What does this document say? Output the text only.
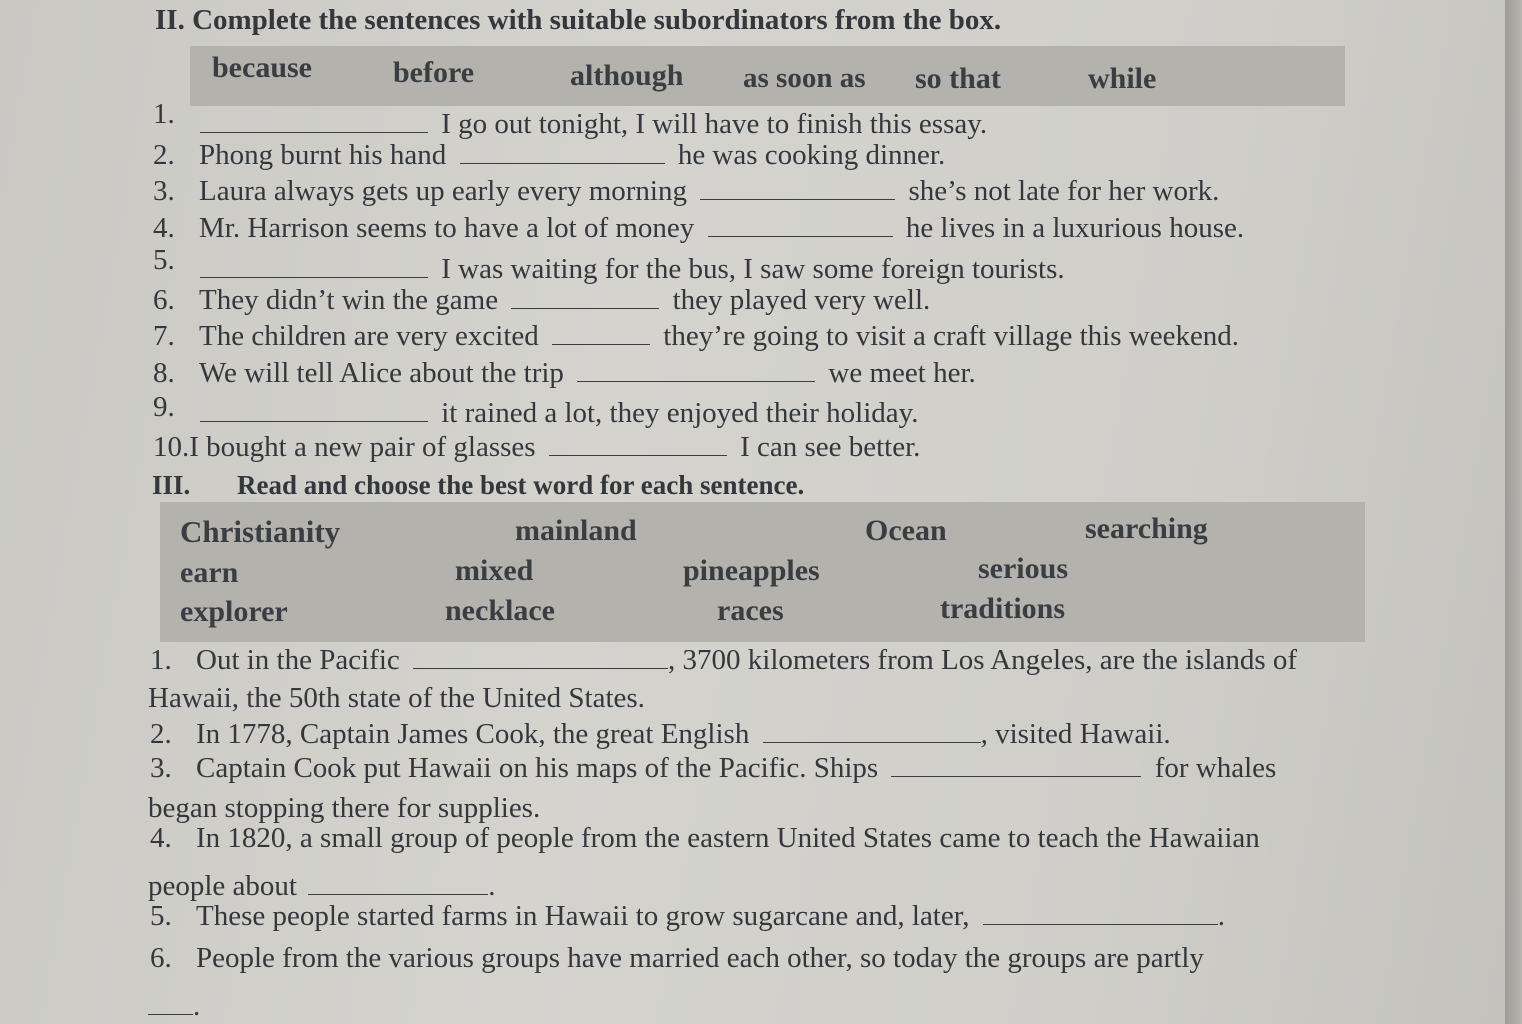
II. Complete the sentences with suitable subordinators from the box.
because	before	although as soon as so that	while
1.	I go out tonight, I will have to finish this essay.
2. Phong burnt his hand	he was cooking dinner.
3. Laura always gets up early every morning	she’s not late for her work.
4. Mr. Harrison seems to have a lot of money	he lives in a luxurious house.
5.	I was waiting for the bus, I saw some foreign tourists.
6. They didn’t win the game	they played very well.
7. The children are very excited	they’re going to visit a craft village this weekend.
8. We will tell Alice about the trip	we meet her.
9.	it rained a lot, they enjoyed their holiday.
10.I bought a new pair of glasses	I can see better.
III. Read and choose the best word for each sentence.
Christianity	mainland	Ocean	searching
earn	mixed	pineapples	serious
explorer	necklace	races	traditions
1. Out in the Pacific	, 3700 kilometers from Los Angeles, are the islands of
Hawaii, the 50th state of the United States.
2. In 1778, Captain James Cook, the great English	, visited Hawaii.
3. Captain Cook put Hawaii on his maps of the Pacific. Ships	for whales
began stopping there for supplies.
4. In 1820, a small group of people from the eastern United States came to teach the Hawaiian
people about	.
5. These people started farms in Hawaii to grow sugarcane and, later,	.
6. People from the various groups have married each other, so today the groups are partly
.
